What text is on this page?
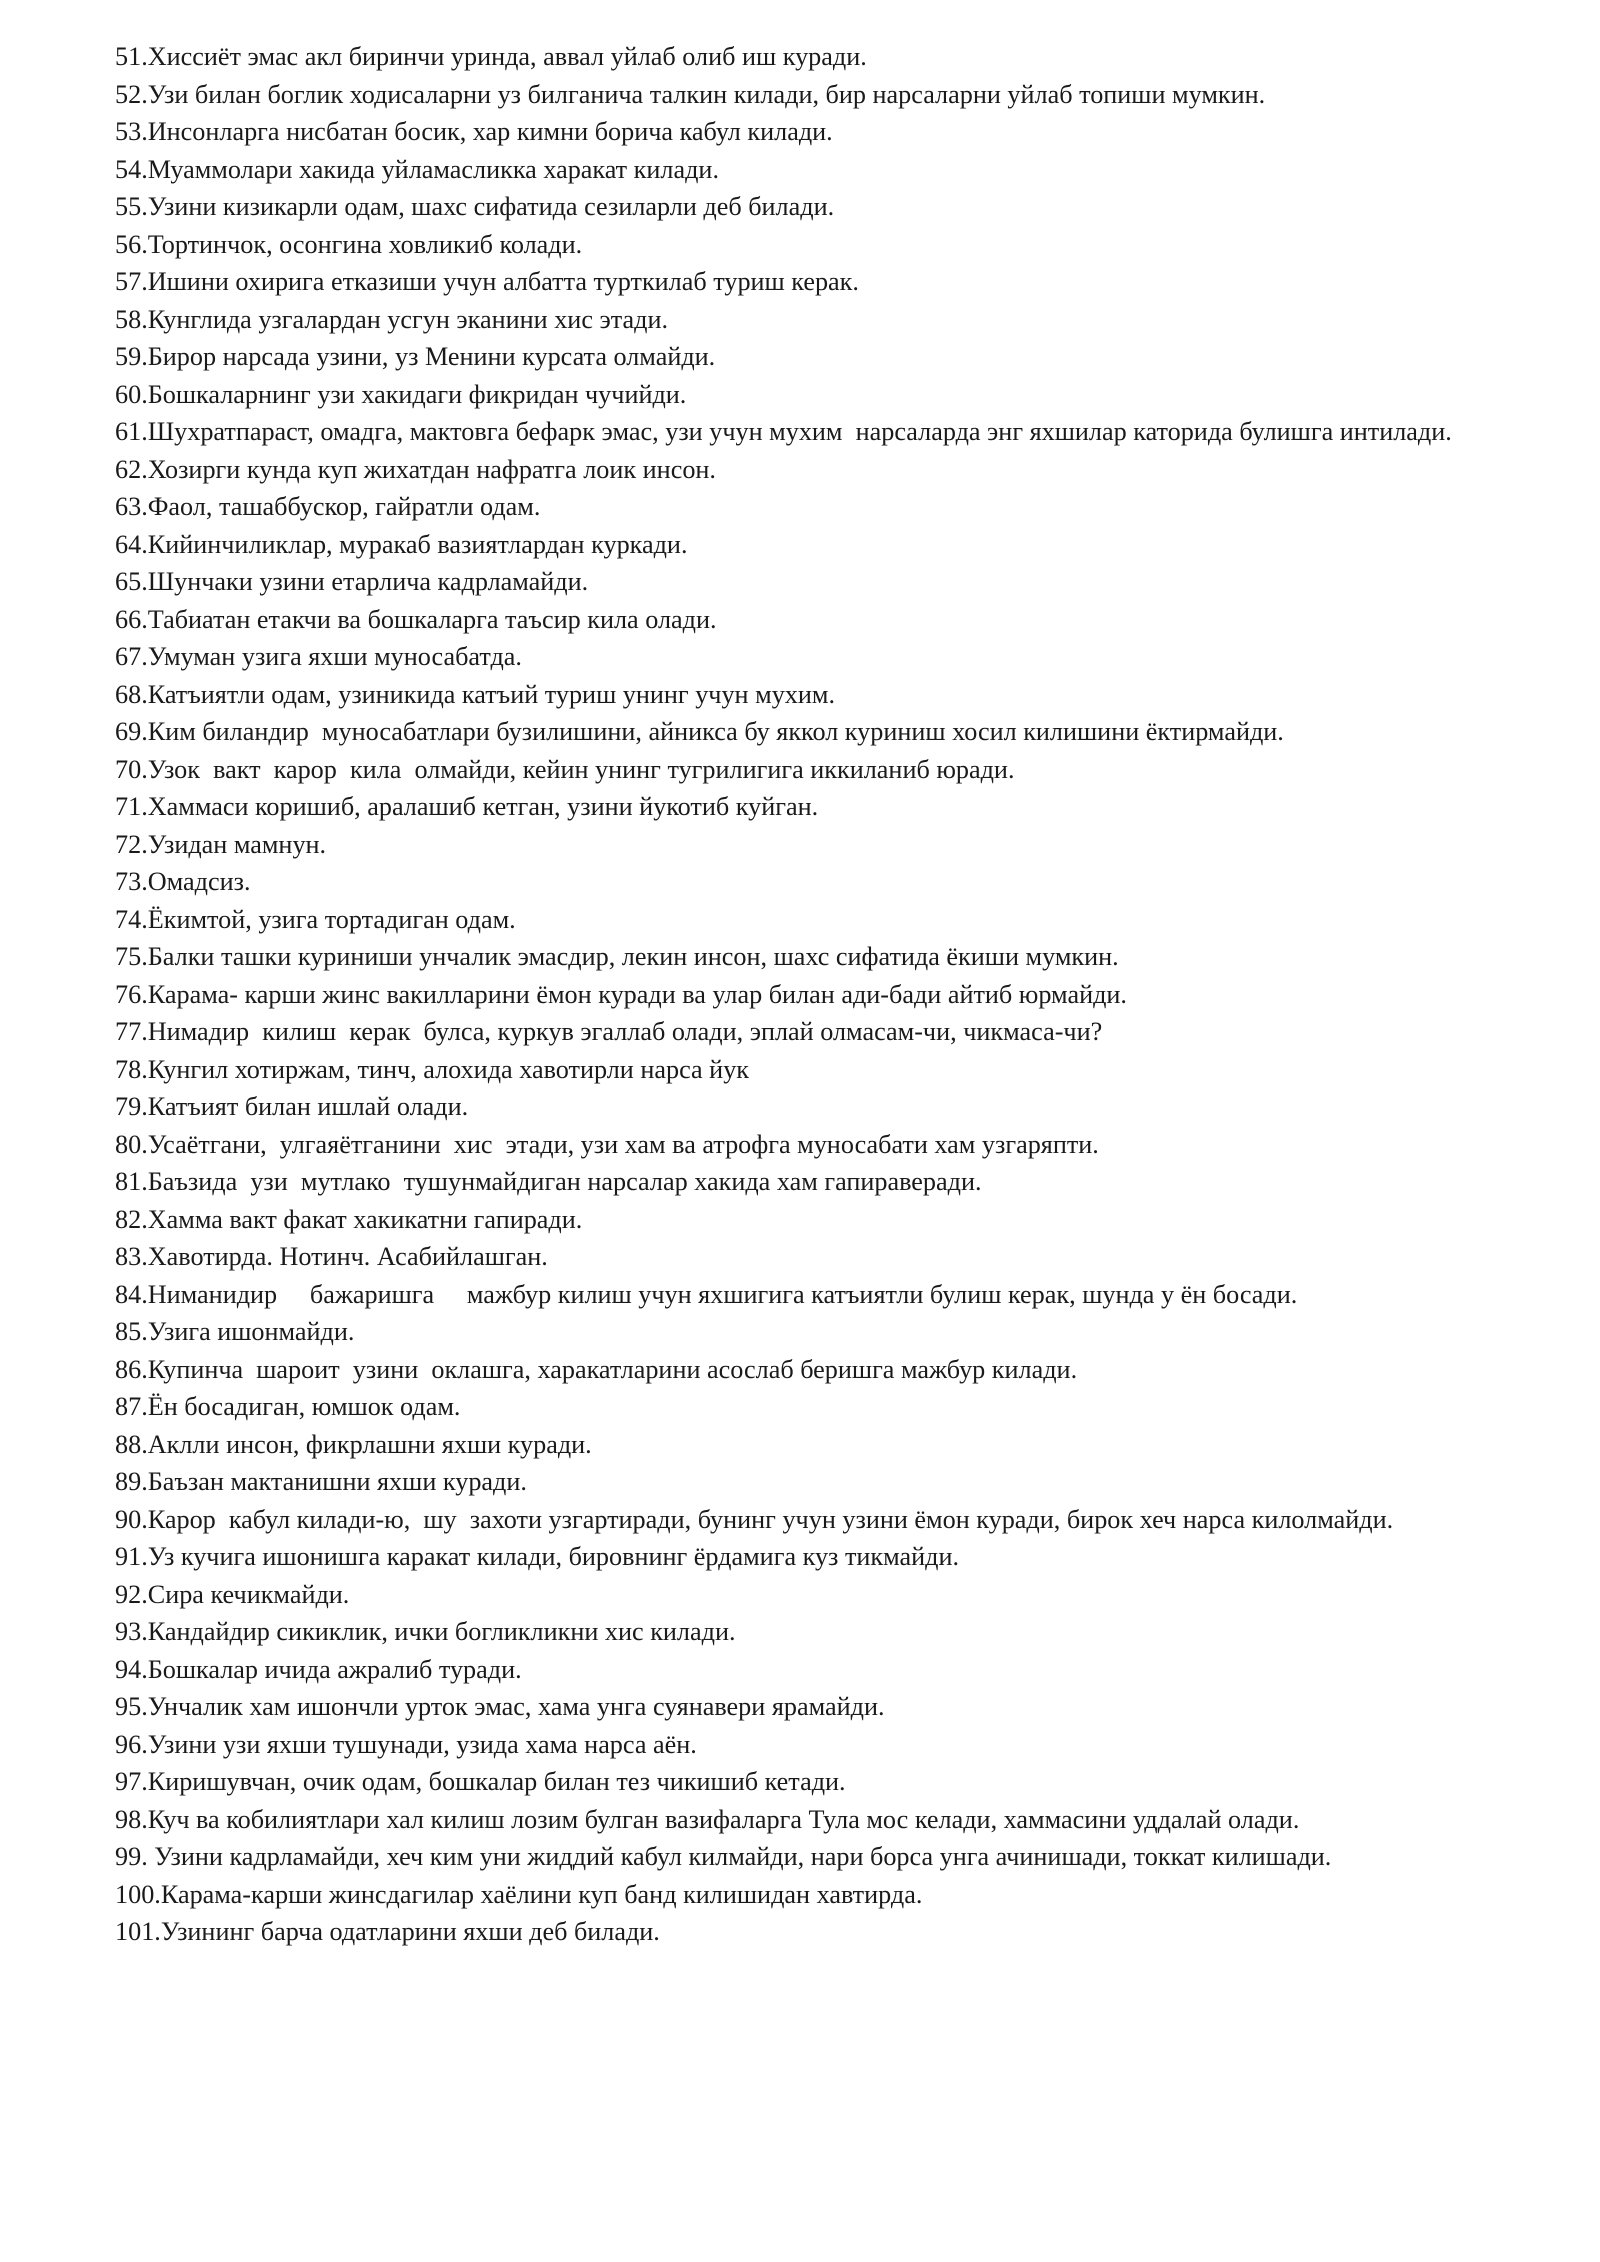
51.Хиссиёт эмас акл биринчи уринда, аввал уйлаб олиб иш куради.

52.Узи билан боглик ходисаларни уз билганича талкин килади, бир нарсаларни уйлаб топиши мумкин.

53.Инсонларга нисбатан босик, хар кимни боричa кабул килади.

54.Муаммолари хакида уйламасликка харакат килади.

55.Узини кизикарли одам, шахс сифатида сезиларли деб билади.

56.Тортинчок, осонгина ховликиб колади.

57.Ишини охирига етказиши учун албатта турткилаб туриш керак.

58.Кунглида узгалардан усгун эканини хис этади.

59.Бирор нарсада узини, уз Менини курсата олмайди.

60.Бошкаларнинг узи хакидаги фикридан чучийди.

61.Шухратпараст, омадга, мактовга бефарк эмас, узи учун мухим  нарсаларда энг яхшилар каторида булишга интилади.

62.Хозирги кунда куп жихатдан нафратга лоик инсон.

63.Фаол, ташаббускор, гайратли одам.

64.Кийинчиликлар, муракаб вазиятлардан куркади.

65.Шунчаки узини етарлича кадрламайди.

66.Табиатан етакчи ва бошкаларга таъсир кила олади.

67.Умуман узига яхши муносабатда.

68.Катъиятли одам, узиникида катъий туриш унинг учун мухим.

69.Ким биландир  муносабатлари бузилишини, айникса бу яккол куриниш хосил килишини ёктирмайди.

70.Узок  вакт  карор  кила  олмайди, кейин унинг тугрилигига иккиланиб юради.

71.Хаммаси коришиб, аралашиб кетган, узини йукотиб куйган.

72.Узидан мамнун.

73.Омадсиз.

74.Ёкимтой, узига тортадиган одам.

75.Балки ташки куриниши унчалик эмасдир, лекин инсон, шахс сифатида ёкиши мумкин.

76.Карама- карши жинс вакилларини ёмон куради ва улар билан ади-бади айтиб юрмайди.

77.Нимадир  килиш  керак  булса, куркув эгаллаб олади, эплай олмасам-чи, чикмаса-чи?

78.Кунгил хотиржам, тинч, алохида хавотирли нарса йук

79.Катъият билан ишлай олади.

80.Усаётгани,  улгаяётганини  хис  этади, узи хам ва атрофга муносабати хам узгаряпти.

81.Баъзида  узи  мутлако  тушунмайдиган нарсалар хакида хам гапираверади.

82.Хамма вакт факат хакикатни гапиради.

83.Хавотирда. Нотинч. Асабийлашган.

84.Ниманидир     бажаришга     мажбур килиш учун яхшигига катъиятли булиш керак, шунда у ён босади.

85.Узига ишонмайди.

86.Купинча  шароит  узини  оклашга, харакатларини асослаб беришга мажбур килади.

87.Ён босадиган, юмшок одам.

88.Аклли инсон, фикрлашни яхши куради.

89.Баъзан мактанишни яхши куради.

90.Карор  кабул килади-ю,  шу  захоти узгартиради, бунинг учун узини ёмон куради, бирок хеч нарса килолмайди.

91.Уз кучига ишонишга каракат килади, бировнинг ёрдамига куз тикмайди.

92.Сира кечикмайди.

93.Кандайдир сикиклик, ички богликликни хис килади.

94.Бошкалар ичида ажралиб туради.

95.Унчалик хам ишончли урток эмас, хама унга суянавери ярамайди.

96.Узини узи яхши тушунади, узида хама нарса аён.

97.Киришувчан, очик одам, бошкалар билан тез чикишиб кетади.

98.Куч ва кобилиятлари хал килиш лозим булган вазифаларга Тула мос келади, хаммасини уддалай олади.

99. Узини кадрламайди, хеч ким уни жиддий кабул килмайди, нари борса унга ачинишади, токкат килишади.

100.Карама-карши жинсдагилар хаёлини куп банд килишидан хавтирда.

101.Узининг барча одатларини яхши деб билади.
